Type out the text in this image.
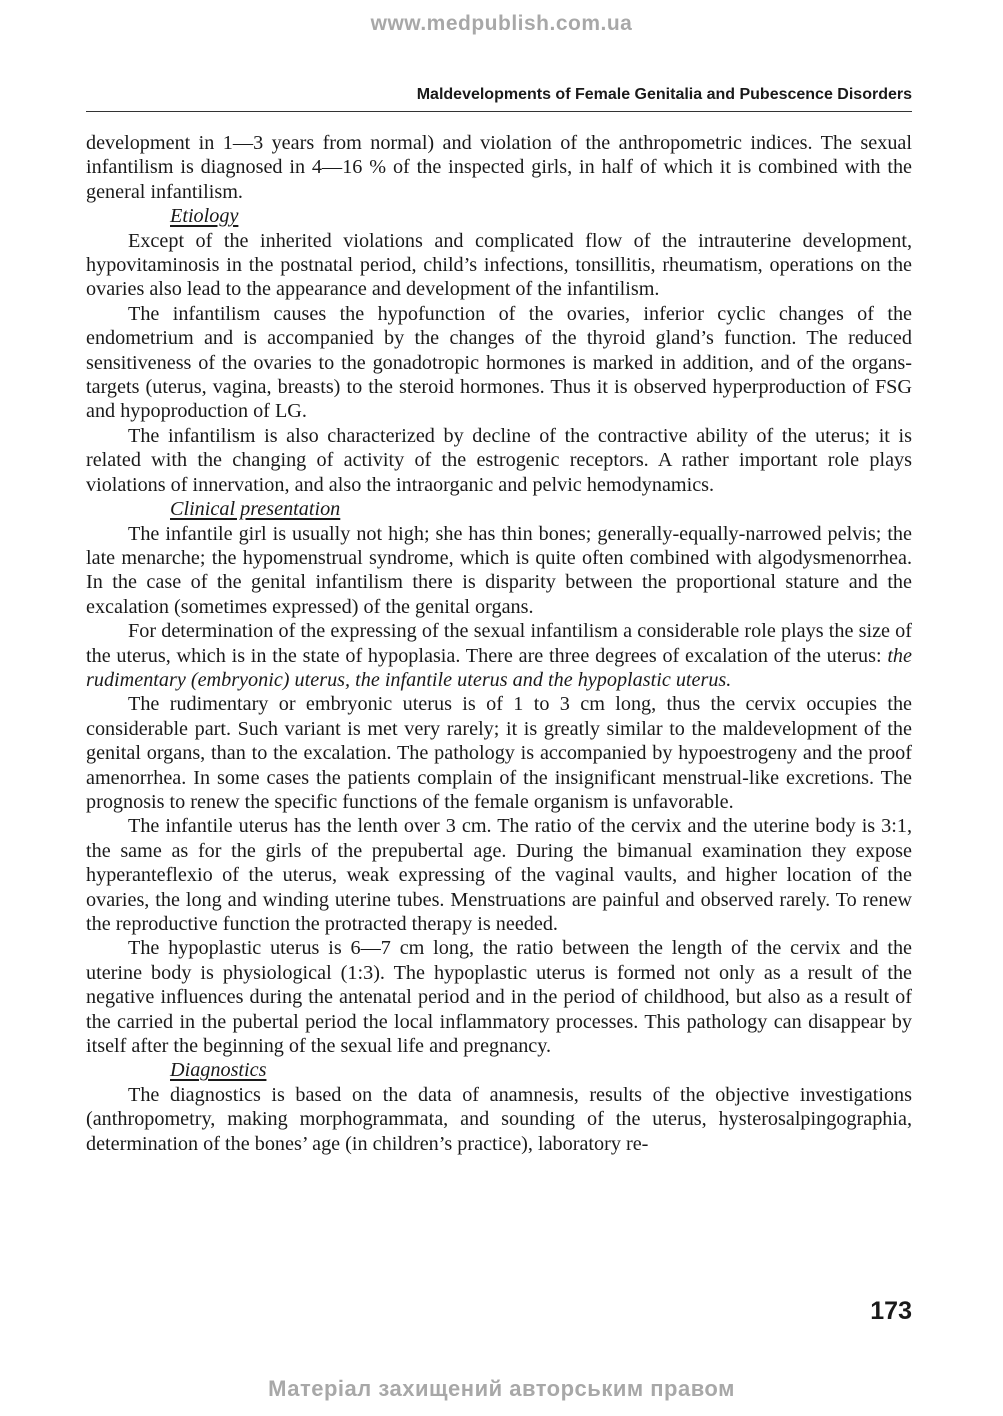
www.medpublish.com.ua
Maldevelopments of Female Genitalia and Pubescence Disorders

development in 1—3 years from normal) and violation of the anthropometric indices. The sexual infantilism is diagnosed in 4—16 % of the inspected girls, in half of which it is combined with the general infantilism.

Etiology

Except of the inherited violations and complicated flow of the intrauterine development, hypovitaminosis in the postnatal period, child’s infections, tonsillitis, rheumatism, operations on the ovaries also lead to the appearance and development of the infantilism.

The infantilism causes the hypofunction of the ovaries, inferior cyclic changes of the endometrium and is accompanied by the changes of the thyroid gland’s function. The reduced sensitiveness of the ovaries to the gonadotropic hormones is marked in addition, and of the organs-targets (uterus, vagina, breasts) to the steroid hormones. Thus it is observed hyperproduction of FSG and hypoproduction of LG.

The infantilism is also characterized by decline of the contractive ability of the uterus; it is related with the changing of activity of the estrogenic receptors. A rather important role plays violations of innervation, and also the intraorganic and pelvic hemodynamics.

Clinical presentation

The infantile girl is usually not high; she has thin bones; generally-equally-narrowed pelvis; the late menarche; the hypomenstrual syndrome, which is quite often combined with algodysmenorrhea. In the case of the genital infantilism there is disparity between the proportional stature and the excalation (sometimes expressed) of the genital organs.

For determination of the expressing of the sexual infantilism a considerable role plays the size of the uterus, which is in the state of hypoplasia. There are three degrees of excalation of the uterus: the rudimentary (embryonic) uterus, the infantile uterus and the hypoplastic uterus.

The rudimentary or embryonic uterus is of 1 to 3 cm long, thus the cervix occupies the considerable part. Such variant is met very rarely; it is greatly similar to the maldevelopment of the genital organs, than to the excalation. The pathology is accompanied by hypoestrogeny and the proof amenorrhea. In some cases the patients complain of the insignificant menstrual-like excretions. The prognosis to renew the specific functions of the female organism is unfavorable.

The infantile uterus has the lenth over 3 cm. The ratio of the cervix and the uterine body is 3:1, the same as for the girls of the prepubertal age. During the bimanual examination they expose hyperanteflexio of the uterus, weak expressing of the vaginal vaults, and higher location of the ovaries, the long and winding uterine tubes. Menstruations are painful and observed rarely. To renew the reproductive function the protracted therapy is needed.

The hypoplastic uterus is 6—7 cm long, the ratio between the length of the cervix and the uterine body is physiological (1:3). The hypoplastic uterus is formed not only as a result of the negative influences during the antenatal period and in the period of childhood, but also as a result of the carried in the pubertal period the local inflammatory processes. This pathology can disappear by itself after the beginning of the sexual life and pregnancy.

Diagnostics

The diagnostics is based on the data of anamnesis, results of the objective investigations (anthropometry, making morphogrammata, and sounding of the uterus, hysterosalpingographia, determination of the bones’ age (in children’s practice), laboratory re-

173
Матеріал захищений авторським правом
